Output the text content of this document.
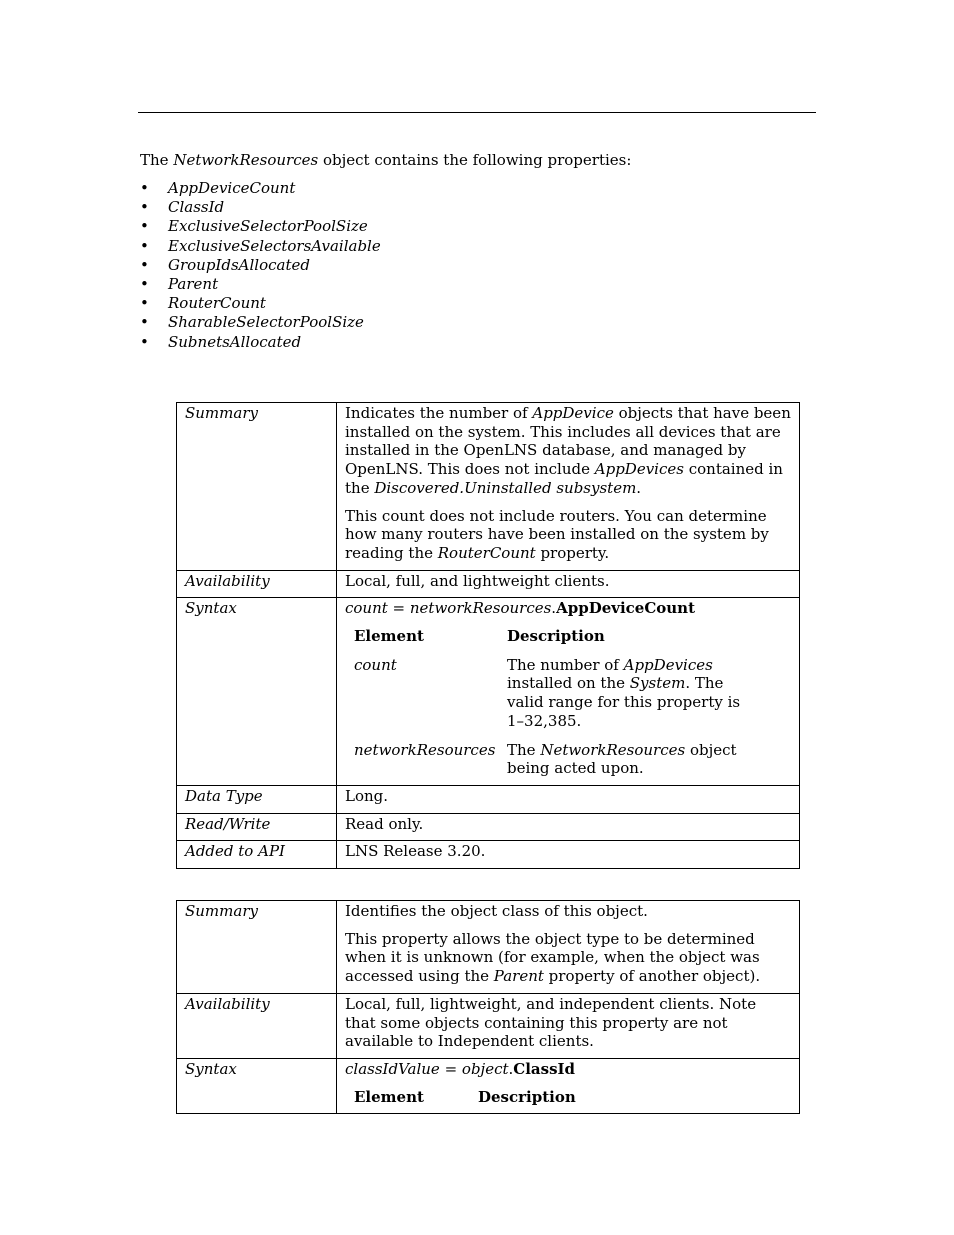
The NetworkResources object contains the following properties:

• AppDeviceCount
• ClassId
• ExclusiveSelectorPoolSize
• ExclusiveSelectorsAvailable
• GroupIdsAllocated
• Parent
• RouterCount
• SharableSelectorPoolSize
• SubnetsAllocated
Summary	Indicates the number of AppDevice objects that have been installed on the system. This includes all devices that are installed in the OpenLNS database, and managed by OpenLNS. This does not include AppDevices contained in the Discovered.Uninstalled subsystem.

This count does not include routers. You can determine how many routers have been installed on the system by reading the RouterCount property.

Availability	Local, full, and lightweight clients.
Syntax	count = networkResources.AppDeviceCount

Element	Description
count	The number of AppDevices installed on the System. The valid range for this property is 1–32,385.
networkResources	The NetworkResources object being acted upon.

Data Type	Long.
Read/Write	Read only.
Added to API	LNS Release 3.20.
Summary	Identifies the object class of this object.

This property allows the object type to be determined when it is unknown (for example, when the object was accessed using the Parent property of another object).

Availability	Local, full, lightweight, and independent clients. Note that some objects containing this property are not available to Independent clients.
Syntax	classIdValue = object.ClassId

Element	Description
